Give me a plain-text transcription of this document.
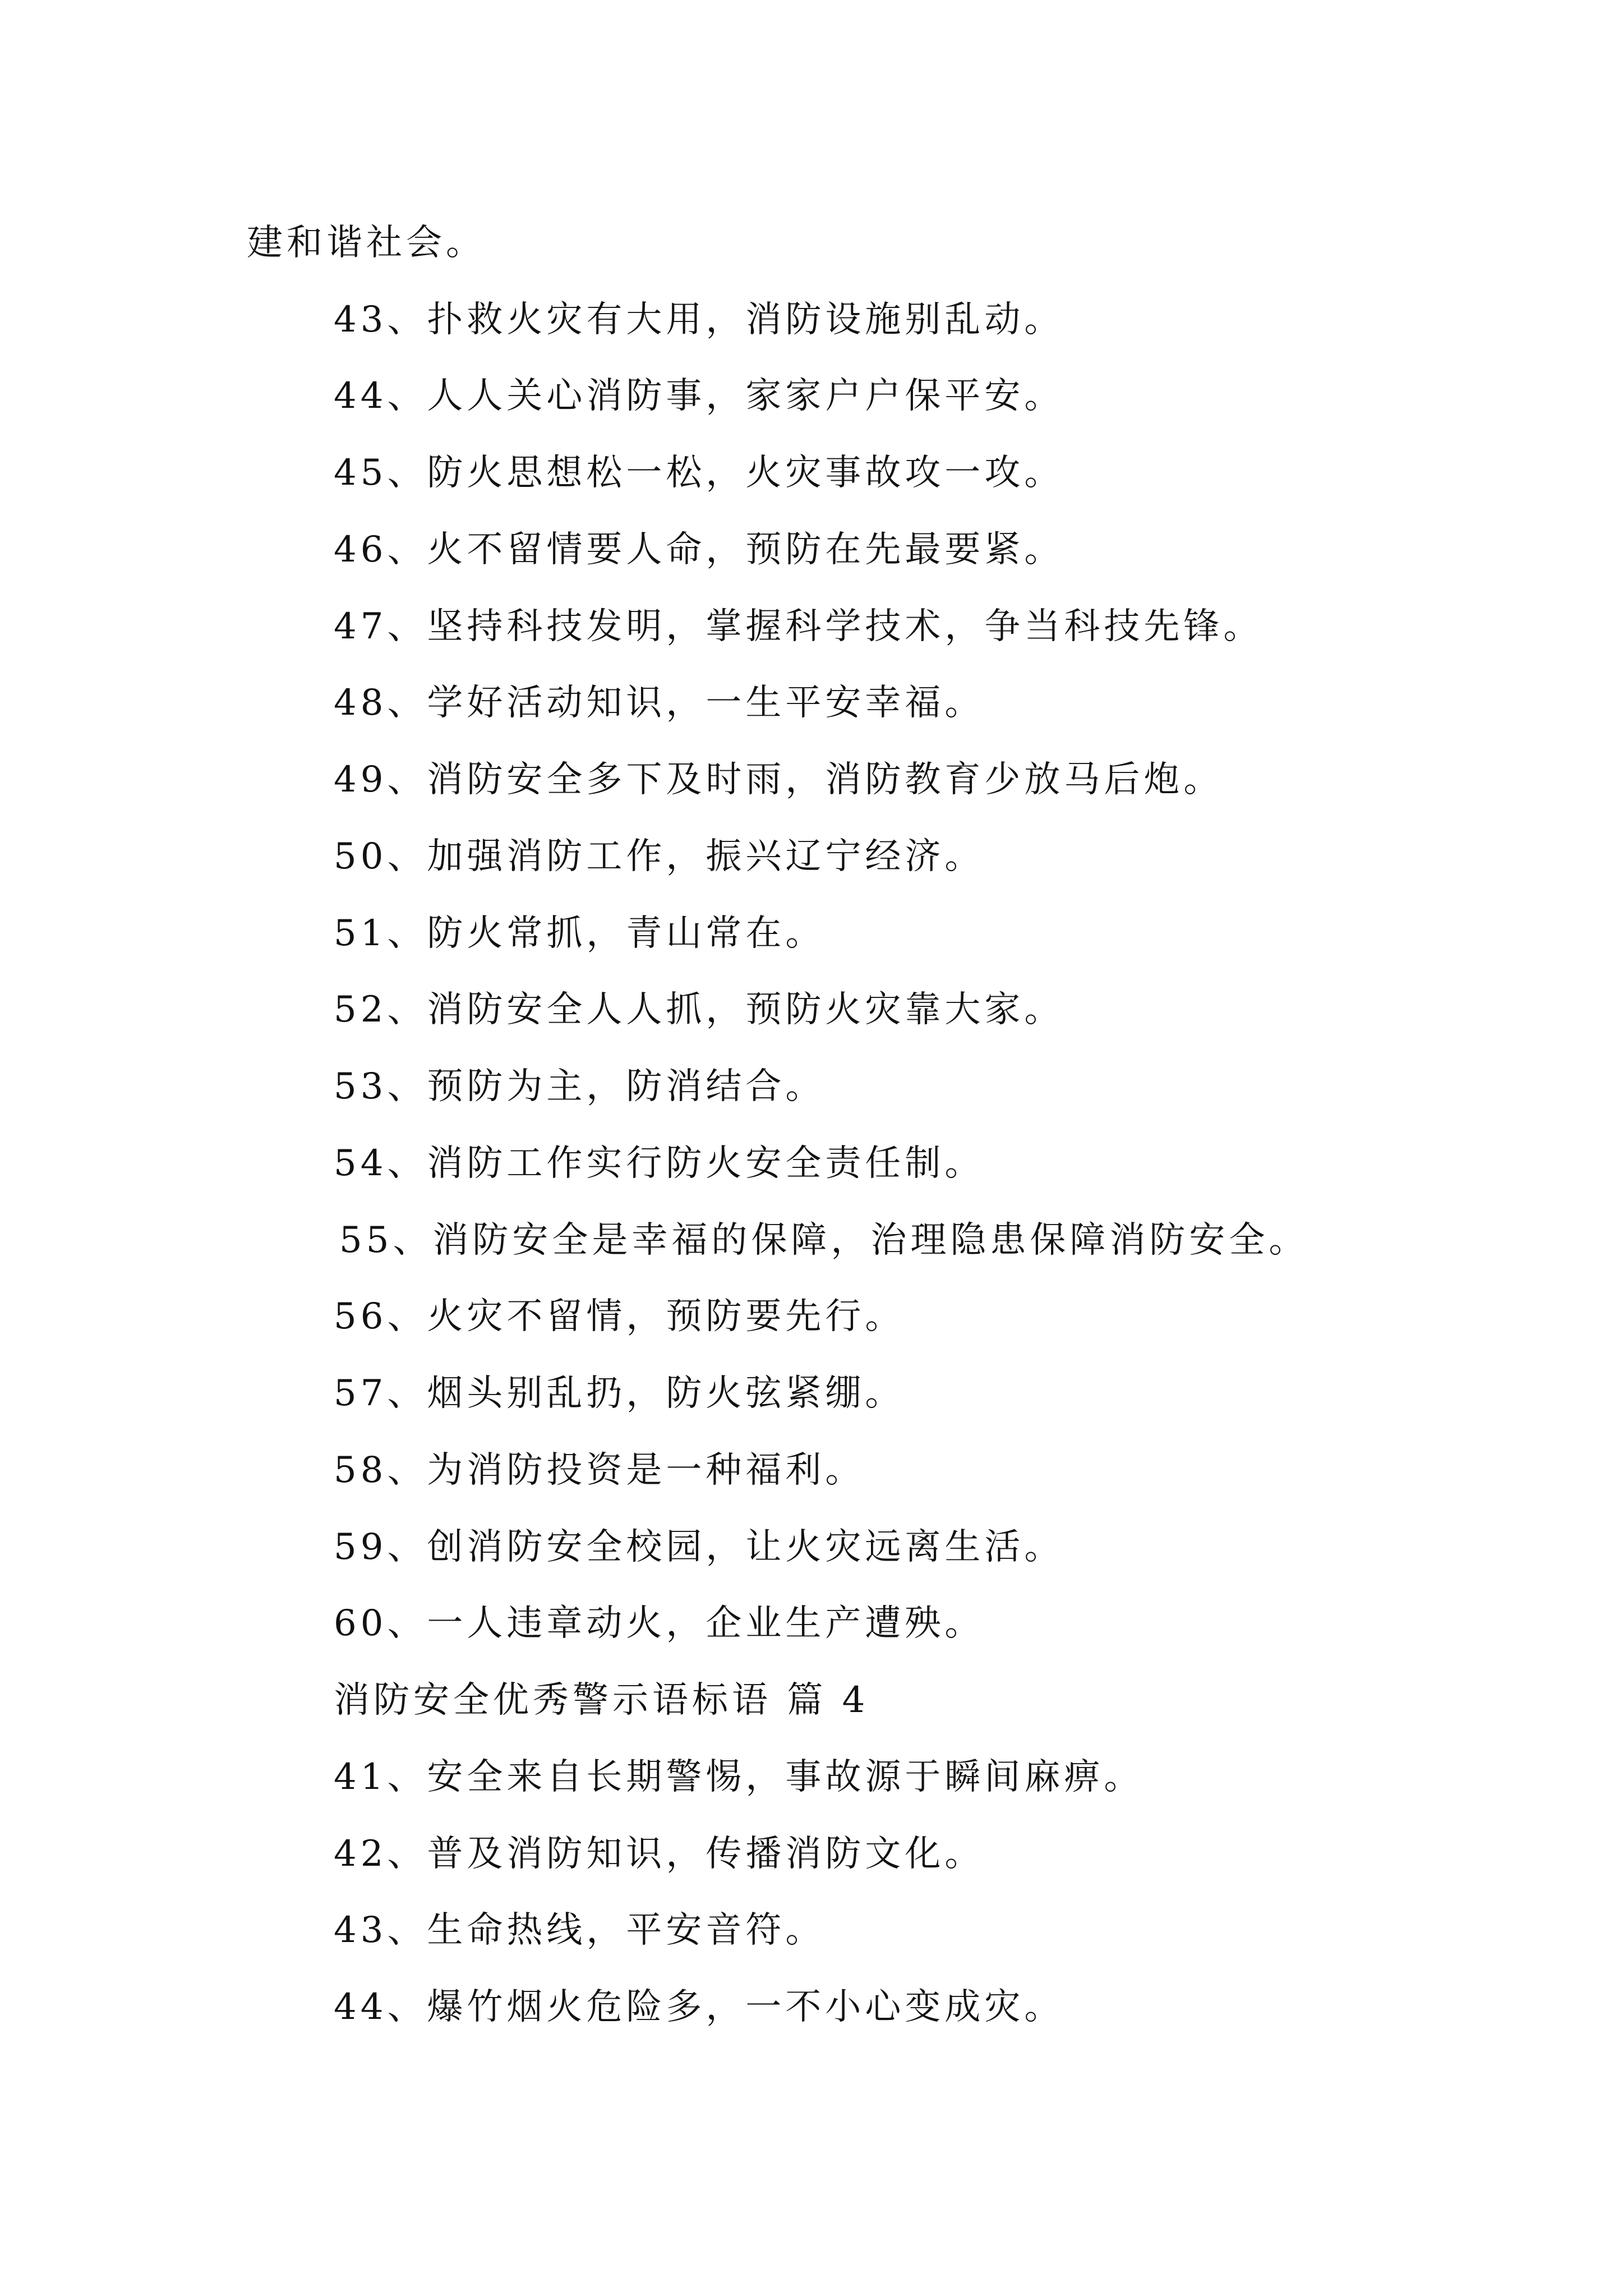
建和谐社会。

43、扑救火灾有大用，消防设施别乱动。

44、人人关心消防事，家家户户保平安。

45、防火思想松一松，火灾事故攻一攻。

46、火不留情要人命，预防在先最要紧。

47、坚持科技发明，掌握科学技术，争当科技先锋。

48、学好活动知识，一生平安幸福。

49、消防安全多下及时雨，消防教育少放马后炮。

50、加强消防工作，振兴辽宁经济。

51、防火常抓，青山常在。

52、消防安全人人抓，预防火灾靠大家。

53、预防为主，防消结合。

54、消防工作实行防火安全责任制。

55、消防安全是幸福的保障，治理隐患保障消防安全。

56、火灾不留情，预防要先行。

57、烟头别乱扔，防火弦紧绷。

58、为消防投资是一种福利。

59、创消防安全校园，让火灾远离生活。

60、一人违章动火，企业生产遭殃。

消防安全优秀警示语标语 篇 4

41、安全来自长期警惕，事故源于瞬间麻痹。

42、普及消防知识，传播消防文化。

43、生命热线，平安音符。

44、爆竹烟火危险多，一不小心变成灾。
